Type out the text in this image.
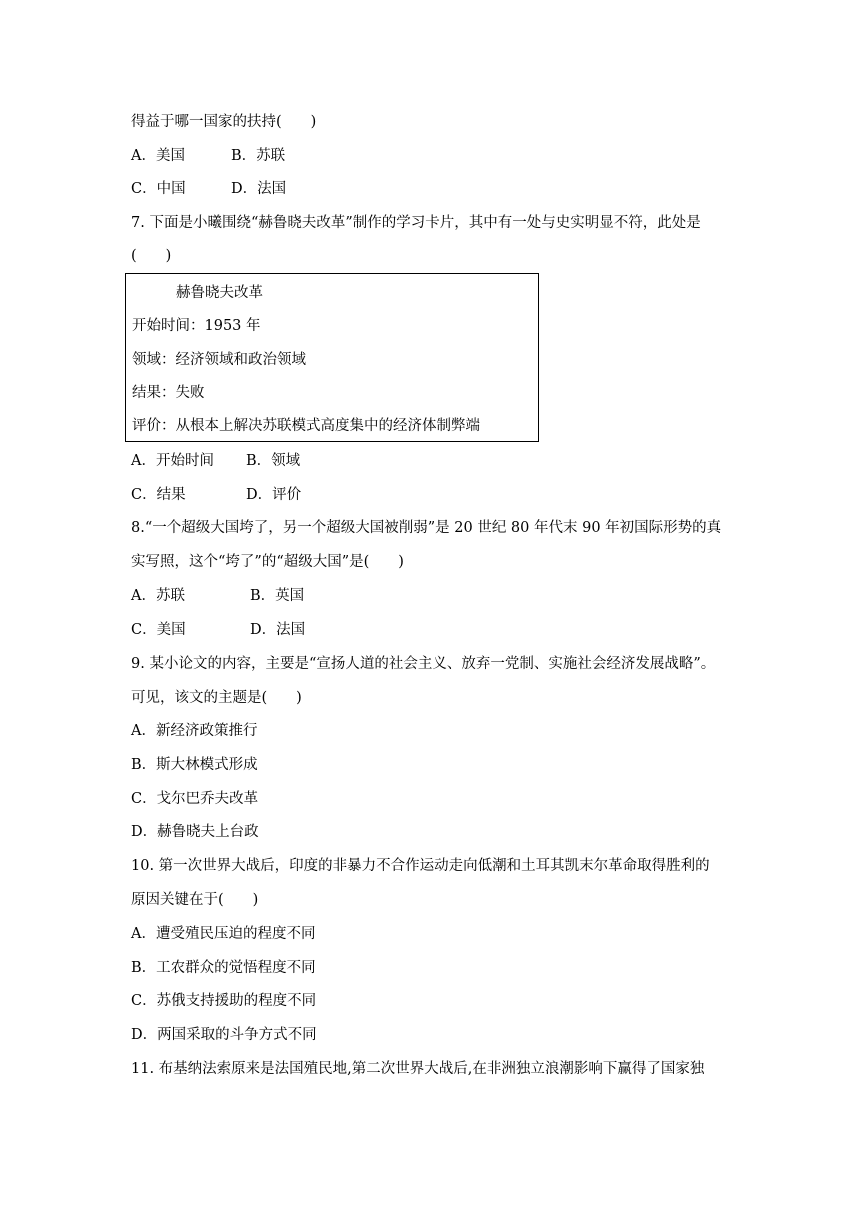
得益于哪一国家的扶持(　　)
A．美国	B．苏联
C．中国	D．法国
7. 下面是小曦围绕“赫鲁晓夫改革”制作的学习卡片，其中有一处与史实明显不符，此处是
(　　)
赫鲁晓夫改革
开始时间：1953 年
领域：经济领域和政治领域
结果：失败
评价：从根本上解决苏联模式高度集中的经济体制弊端
A．开始时间 B．领域
C．结果	D．评价
8.“一个超级大国垮了，另一个超级大国被削弱”是 20 世纪 80 年代末 90 年初国际形势的真
实写照，这个“垮了”的“超级大国”是(　　)
A．苏联	B．英国
C．美国	D．法国
9. 某小论文的内容，主要是“宣扬人道的社会主义、放弃一党制、实施社会经济发展战略”。
可见，该文的主题是(　　)
A．新经济政策推行
B．斯大林模式形成
C．戈尔巴乔夫改革
D．赫鲁晓夫上台政
10. 第一次世界大战后，印度的非暴力不合作运动走向低潮和土耳其凯末尔革命取得胜利的
原因关键在于(　　)
A．遭受殖民压迫的程度不同
B．工农群众的觉悟程度不同
C．苏俄支持援助的程度不同
D．两国采取的斗争方式不同
11. 布基纳法索原来是法国殖民地,第二次世界大战后,在非洲独立浪潮影响下赢得了国家独
